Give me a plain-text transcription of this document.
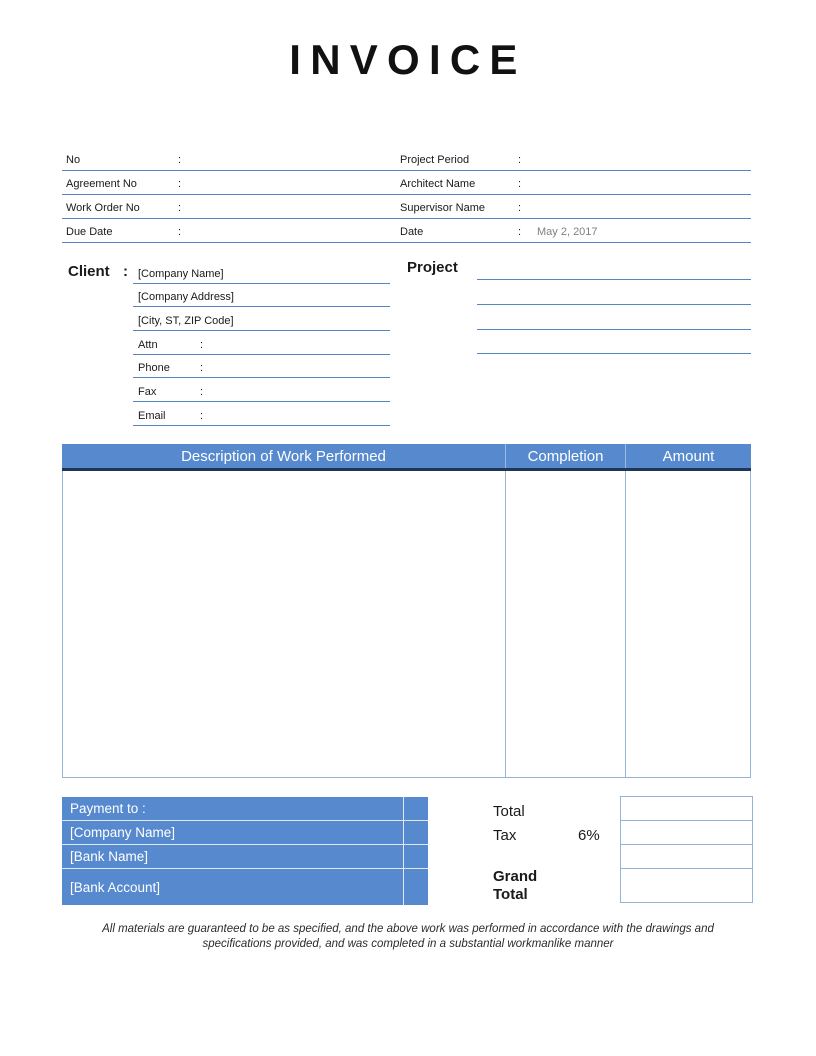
INVOICE
No	:	Project Period	:
Agreement No	:	Architect Name	:
Work Order No	:	Supervisor Name	:
Due Date	:	Date	: May 2, 2017
Client : [Company Name]
[Company Address]
[City, ST, ZIP Code]
Attn	:
Phone	:
Fax	:
Email	:
Project
Description of Work Performed	Completion	Amount
Payment to :
[Company Name]
[Bank Name]
[Bank Account]
Total
Tax	6%
Grand Total
All materials are guaranteed to be as specified, and the above work was performed in accordance with the drawings and
specifications provided, and was completed in a substantial workmanlike manner
